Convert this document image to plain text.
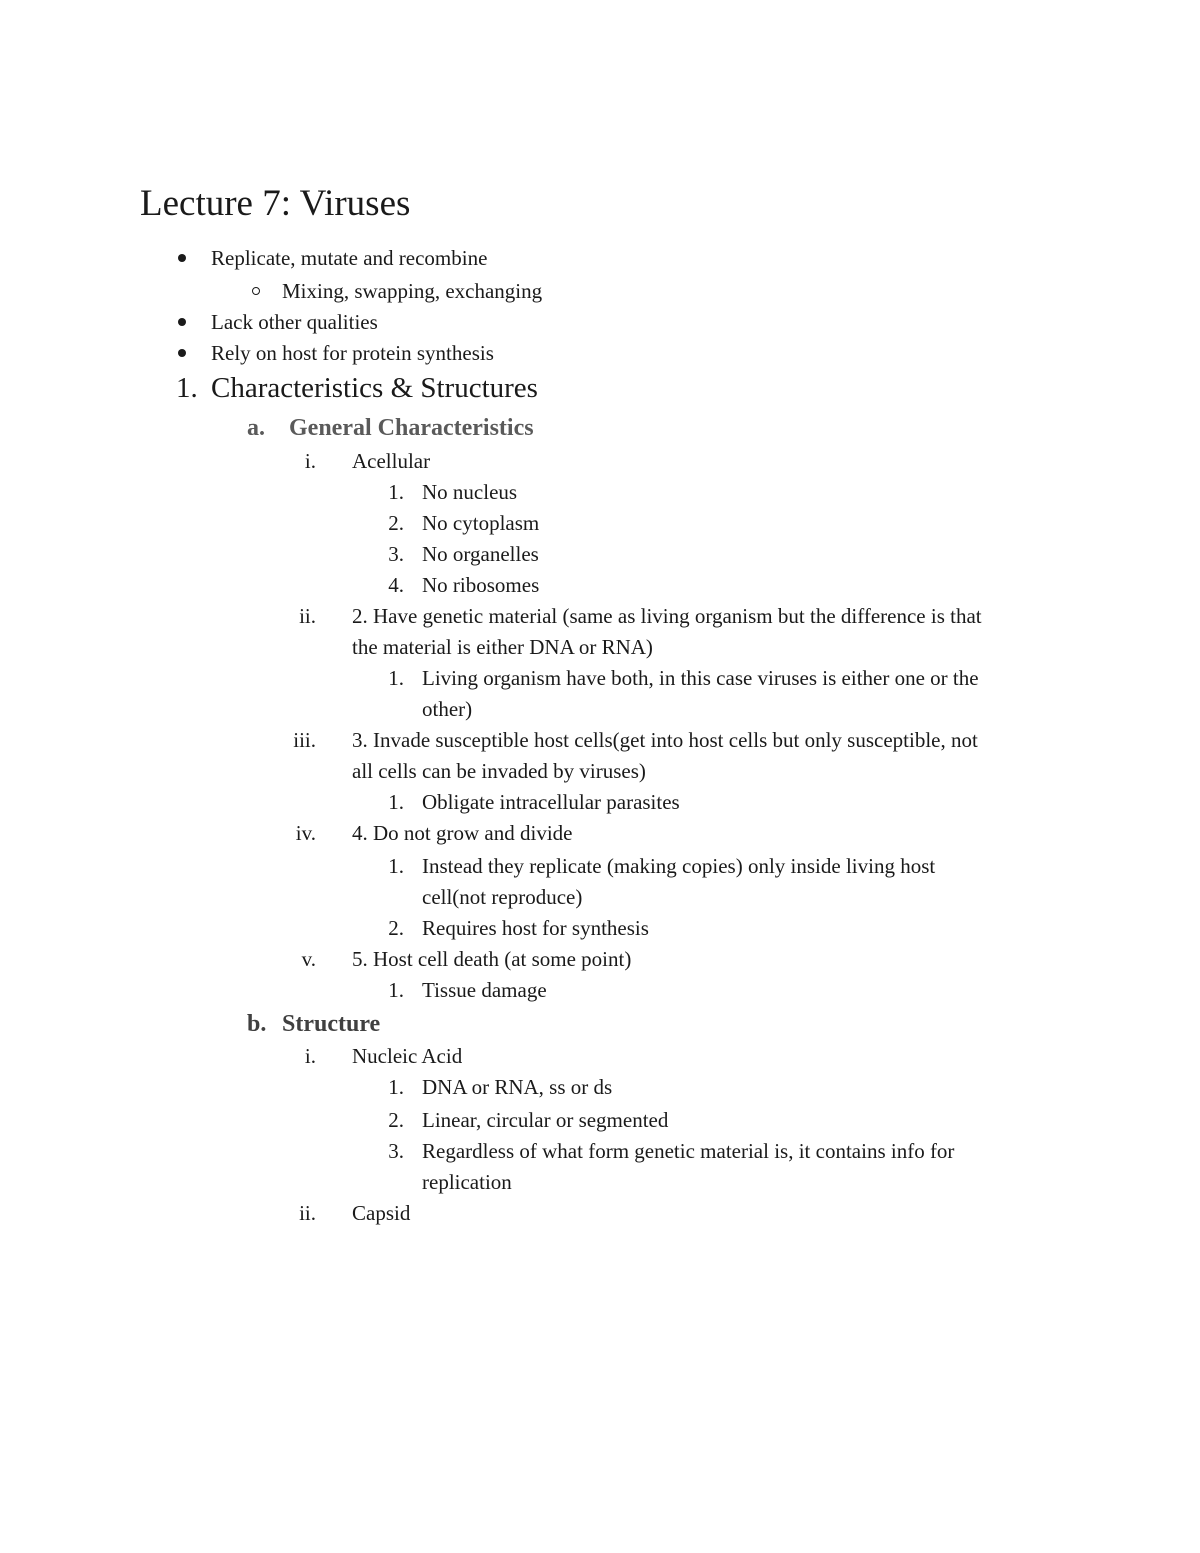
Lecture 7: Viruses
Replicate, mutate and recombine
Mixing, swapping, exchanging
Lack other qualities
Rely on host for protein synthesis
1. Characteristics & Structures
a. General Characteristics
i. Acellular
1. No nucleus
2. No cytoplasm
3. No organelles
4. No ribosomes
ii. 2. Have genetic material (same as living organism but the difference is that
the material is either DNA or RNA)
1. Living organism have both, in this case viruses is either one or the
other)
iii. 3. Invade susceptible host cells(get into host cells but only susceptible, not
all cells can be invaded by viruses)
1. Obligate intracellular parasites
iv. 4. Do not grow and divide
1. Instead they replicate (making copies) only inside living host
cell(not reproduce)
2. Requires host for synthesis
v. 5. Host cell death (at some point)
1. Tissue damage
b. Structure
i. Nucleic Acid
1. DNA or RNA, ss or ds
2. Linear, circular or segmented
3. Regardless of what form genetic material is, it contains info for
replication
ii. Capsid
